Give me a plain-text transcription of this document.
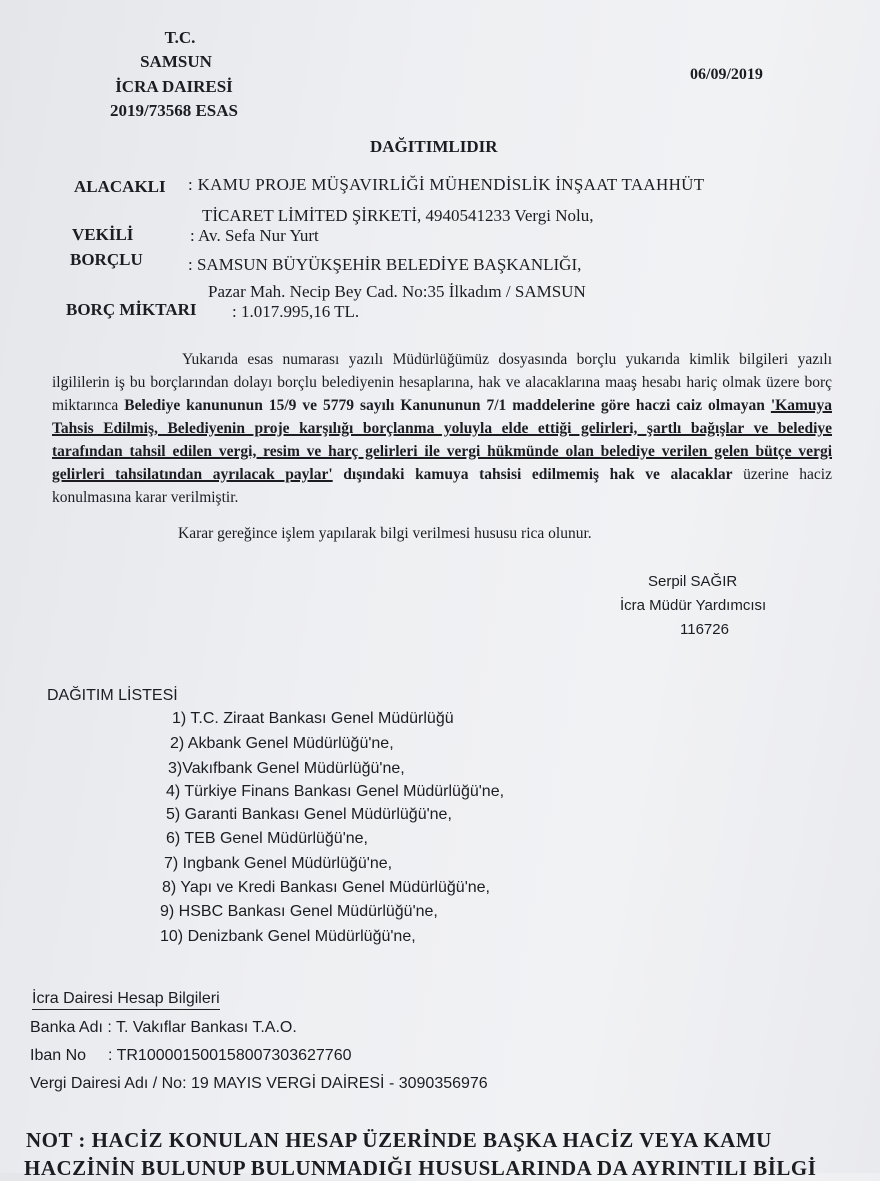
T.C.
SAMSUN
İCRA DAIRESİ
2019/73568 ESAS
06/09/2019
DAĞITIMLIDIR
ALACAKLI : KAMU PROJE MÜŞAVIRLİĞİ MÜHENDİSLİK İNŞAAT TAAHHÜT
TİCARET LİMİTED ŞİRKETİ, 4940541233 Vergi Nolu,
VEKİLİ	: Av. Sefa Nur Yurt
BORÇLU	: SAMSUN BÜYÜKŞEHİR BELEDİYE BAŞKANLIĞI,
Pazar Mah. Necip Bey Cad. No:35 İlkadım / SAMSUN
BORÇ MİKTARI : 1.017.995,16 TL.
Yukarıda esas numarası yazılı Müdürlüğümüz dosyasında borçlu yukarıda kimlik bilgileri yazılı ilgililerin iş bu borçlarından dolayı borçlu belediyenin hesaplarına, hak ve alacaklarına maaş hesabı hariç olmak üzere borç miktarınca Belediye kanununun 15/9 ve 5779 sayılı Kanununun 7/1 maddelerine göre haczi caiz olmayan 'Kamuya Tahsis Edilmiş, Belediyenin proje karşılığı borçlanma yoluyla elde ettiği gelirleri, şartlı bağışlar ve belediye tarafından tahsil edilen vergi, resim ve harç gelirleri ile vergi hükmünde olan belediye verilen gelen bütçe vergi gelirleri tahsilatından ayrılacak paylar' dışındaki kamuya tahsisi edilmemiş hak ve alacaklar üzerine haciz konulmasına karar verilmiştir.
Karar gereğince işlem yapılarak bilgi verilmesi hususu rica olunur.
Serpil SAĞIR
İcra Müdür Yardımcısı
116726
DAĞITIM LİSTESİ
1) T.C. Ziraat Bankası Genel Müdürlüğü
2) Akbank Genel Müdürlüğü'ne,
3)Vakıfbank Genel Müdürlüğü'ne,
4) Türkiye Finans Bankası Genel Müdürlüğü'ne,
5) Garanti Bankası Genel Müdürlüğü'ne,
6) TEB Genel Müdürlüğü'ne,
7) Ingbank Genel Müdürlüğü'ne,
8) Yapı ve Kredi Bankası Genel Müdürlüğü'ne,
9) HSBC Bankası Genel Müdürlüğü'ne,
10) Denizbank Genel Müdürlüğü'ne,
İcra Dairesi Hesap Bilgileri
Banka Adı : T. Vakıflar Bankası T.A.O.
Iban No : TR100001500158007303627760
Vergi Dairesi Adı / No: 19 MAYIS VERGİ DAİRESİ - 3090356976
NOT : HACİZ KONULAN HESAP ÜZERİNDE BAŞKA HACİZ VEYA KAMU
HACZİNİN BULUNUP BULUNMADIĞI HUSUSLARINDA DA AYRINTILI BİLGİ
